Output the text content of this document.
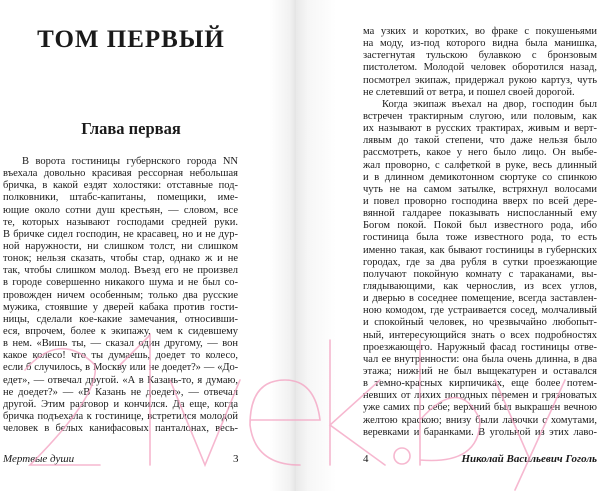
ТОМ ПЕРВЫЙ
Глава первая
В ворота гостиницы губернского города NN
въехала довольно красивая рессорная небольшая
бричка, в какой ездят холостяки: отставные под-
полковники, штабс-капитаны, помещики, име-
ющие около сотни душ крестьян, — словом, все
те, которых называют господами средней руки.
В бричке сидел господин, не красавец, но и не дур-
ной наружности, ни слишком толст, ни слишком
тонок; нельзя сказать, чтобы стар, однако ж и не
так, чтобы слишком молод. Въезд его не произвел
в городе совершенно никакого шума и не был со-
провожден ничем особенным; только два русские
мужика, стоявшие у дверей кабака против гости-
ницы, сделали кое-какие замечания, относивши-
еся, впрочем, более к экипажу, чем к сидевшему
в нем. «Вишь ты, — сказал один другому, — вон
какое колесо! что ты думаешь, доедет то колесо,
если б случилось, в Москву или не доедет?» — «До-
едет», — отвечал другой. «А в Казань-то, я думаю,
не доедет?» — «В Казань не доедет», — отвечал
другой. Этим разговор и кончился. Да еще, когда
бричка подъехала к гостинице, встретился молодой
человек в белых канифасовых панталонах, весь-
Мертвые души	3
ма узких и коротких, во фраке с покушеньями
на моду, из-под которого видна была манишка,
застегнутая тульскою булавкою с бронзовым
пистолетом. Молодой человек оборотился назад,
посмотрел экипаж, придержал рукою картуз, чуть
не слетевший от ветра, и пошел своей дорогой.
Когда экипаж въехал на двор, господин был
встречен трактирным слугою, или половым, как
их называют в русских трактирах, живым и верт-
лявым до такой степени, что даже нельзя было
рассмотреть, какое у него было лицо. Он выбе-
жал проворно, с салфеткой в руке, весь длинный
и в длинном демикотонном сюртуке со спинкою
чуть не на самом затылке, встряхнул волосами
и повел проворно господина вверх по всей дере-
вянной галдарее показывать ниспосланный ему
Богом покой. Покой был известного рода, ибо
гостиница была тоже известного рода, то есть
именно такая, как бывают гостиницы в губернских
городах, где за два рубля в сутки проезжающие
получают покойную комнату с тараканами, вы-
глядывающими, как чернослив, из всех углов,
и дверью в соседнее помещение, всегда заставлен-
ною комодом, где устраивается сосед, молчаливый
и спокойный человек, но чрезвычайно любопыт-
ный, интересующийся знать о всех подробностях
проезжающего. Наружный фасад гостиницы отве-
чал ее внутренности: она была очень длинна, в два
этажа; нижний не был выщекатурен и оставался
в темно-красных кирпичиках, еще более потем-
невших от лихих погодных перемен и грязноватых
уже самих по себе; верхний был выкрашен вечною
желтою краскою; внизу были лавочки с хомутами,
веревками и баранками. В угольной из этих лаво-
4	Николай Васильевич Гоголь
